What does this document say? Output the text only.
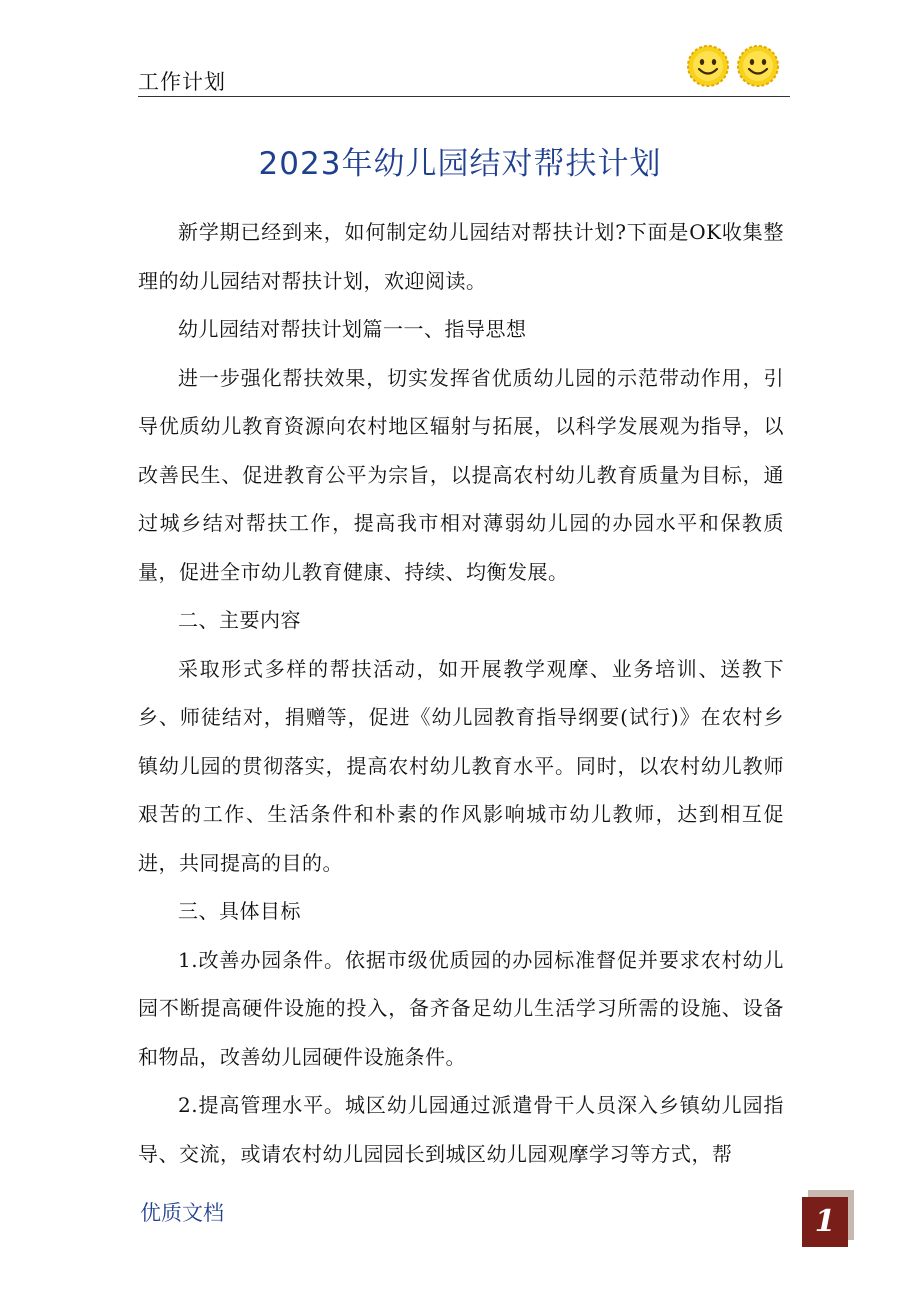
工作计划
2023年幼儿园结对帮扶计划

新学期已经到来，如何制定幼儿园结对帮扶计划?下面是OK收集整理的幼儿园结对帮扶计划，欢迎阅读。

幼儿园结对帮扶计划篇一一、指导思想

进一步强化帮扶效果，切实发挥省优质幼儿园的示范带动作用，引导优质幼儿教育资源向农村地区辐射与拓展，以科学发展观为指导，以改善民生、促进教育公平为宗旨，以提高农村幼儿教育质量为目标，通过城乡结对帮扶工作，提高我市相对薄弱幼儿园的办园水平和保教质量，促进全市幼儿教育健康、持续、均衡发展。

二、主要内容

采取形式多样的帮扶活动，如开展教学观摩、业务培训、送教下乡、师徒结对，捐赠等，促进《幼儿园教育指导纲要(试行)》在农村乡镇幼儿园的贯彻落实，提高农村幼儿教育水平。同时，以农村幼儿教师艰苦的工作、生活条件和朴素的作风影响城市幼儿教师，达到相互促进，共同提高的目的。

三、具体目标

1.改善办园条件。依据市级优质园的办园标准督促并要求农村幼儿园不断提高硬件设施的投入，备齐备足幼儿生活学习所需的设施、设备和物品，改善幼儿园硬件设施条件。

2.提高管理水平。城区幼儿园通过派遣骨干人员深入乡镇幼儿园指导、交流，或请农村幼儿园园长到城区幼儿园观摩学习等方式，帮

优质文档	1
